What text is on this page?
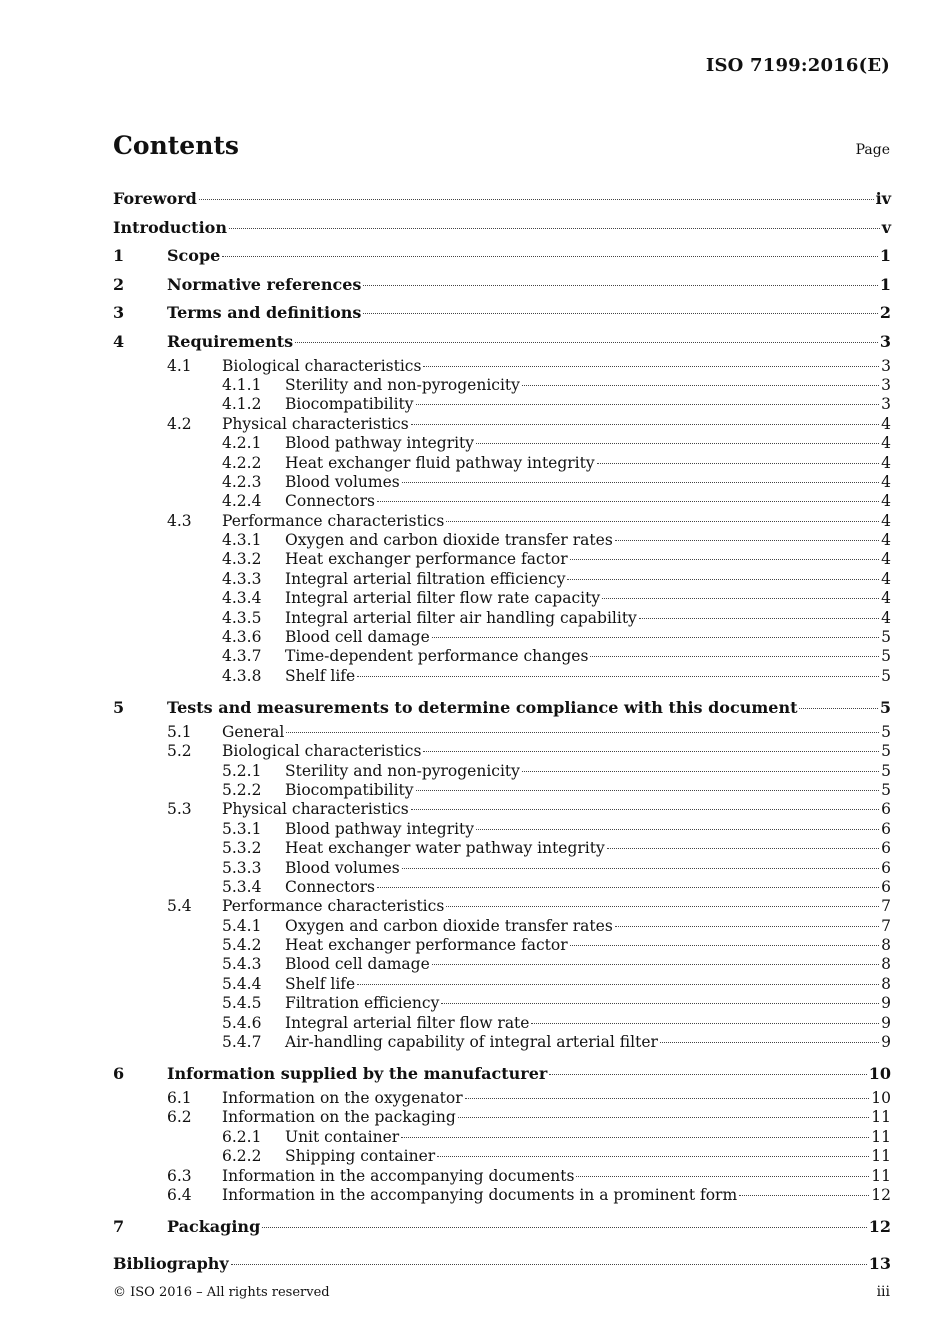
ISO 7199:2016(E)
Contents	Page
Foreword	iv
Introduction	v
1	Scope	1
2	Normative references	1
3	Terms and definitions	2
4	Requirements	3
4.1	Biological characteristics	3
4.1.1	Sterility and non-pyrogenicity	3
4.1.2	Biocompatibility	3
4.2	Physical characteristics	4
4.2.1	Blood pathway integrity	4
4.2.2	Heat exchanger fluid pathway integrity	4
4.2.3	Blood volumes	4
4.2.4	Connectors	4
4.3	Performance characteristics	4
4.3.1	Oxygen and carbon dioxide transfer rates	4
4.3.2	Heat exchanger performance factor	4
4.3.3	Integral arterial filtration efficiency	4
4.3.4	Integral arterial filter flow rate capacity	4
4.3.5	Integral arterial filter air handling capability	4
4.3.6	Blood cell damage	5
4.3.7	Time-dependent performance changes	5
4.3.8	Shelf life	5
5	Tests and measurements to determine compliance with this document	5
5.1	General	5
5.2	Biological characteristics	5
5.2.1	Sterility and non-pyrogenicity	5
5.2.2	Biocompatibility	5
5.3	Physical characteristics	6
5.3.1	Blood pathway integrity	6
5.3.2	Heat exchanger water pathway integrity	6
5.3.3	Blood volumes	6
5.3.4	Connectors	6
5.4	Performance characteristics	7
5.4.1	Oxygen and carbon dioxide transfer rates	7
5.4.2	Heat exchanger performance factor	8
5.4.3	Blood cell damage	8
5.4.4	Shelf life	8
5.4.5	Filtration efficiency	9
5.4.6	Integral arterial filter flow rate	9
5.4.7	Air-handling capability of integral arterial filter	9
6	Information supplied by the manufacturer	10
6.1	Information on the oxygenator	10
6.2	Information on the packaging	11
6.2.1	Unit container	11
6.2.2	Shipping container	11
6.3	Information in the accompanying documents	11
6.4	Information in the accompanying documents in a prominent form	12
7	Packaging	12
Bibliography	13
© ISO 2016 – All rights reserved	iii
